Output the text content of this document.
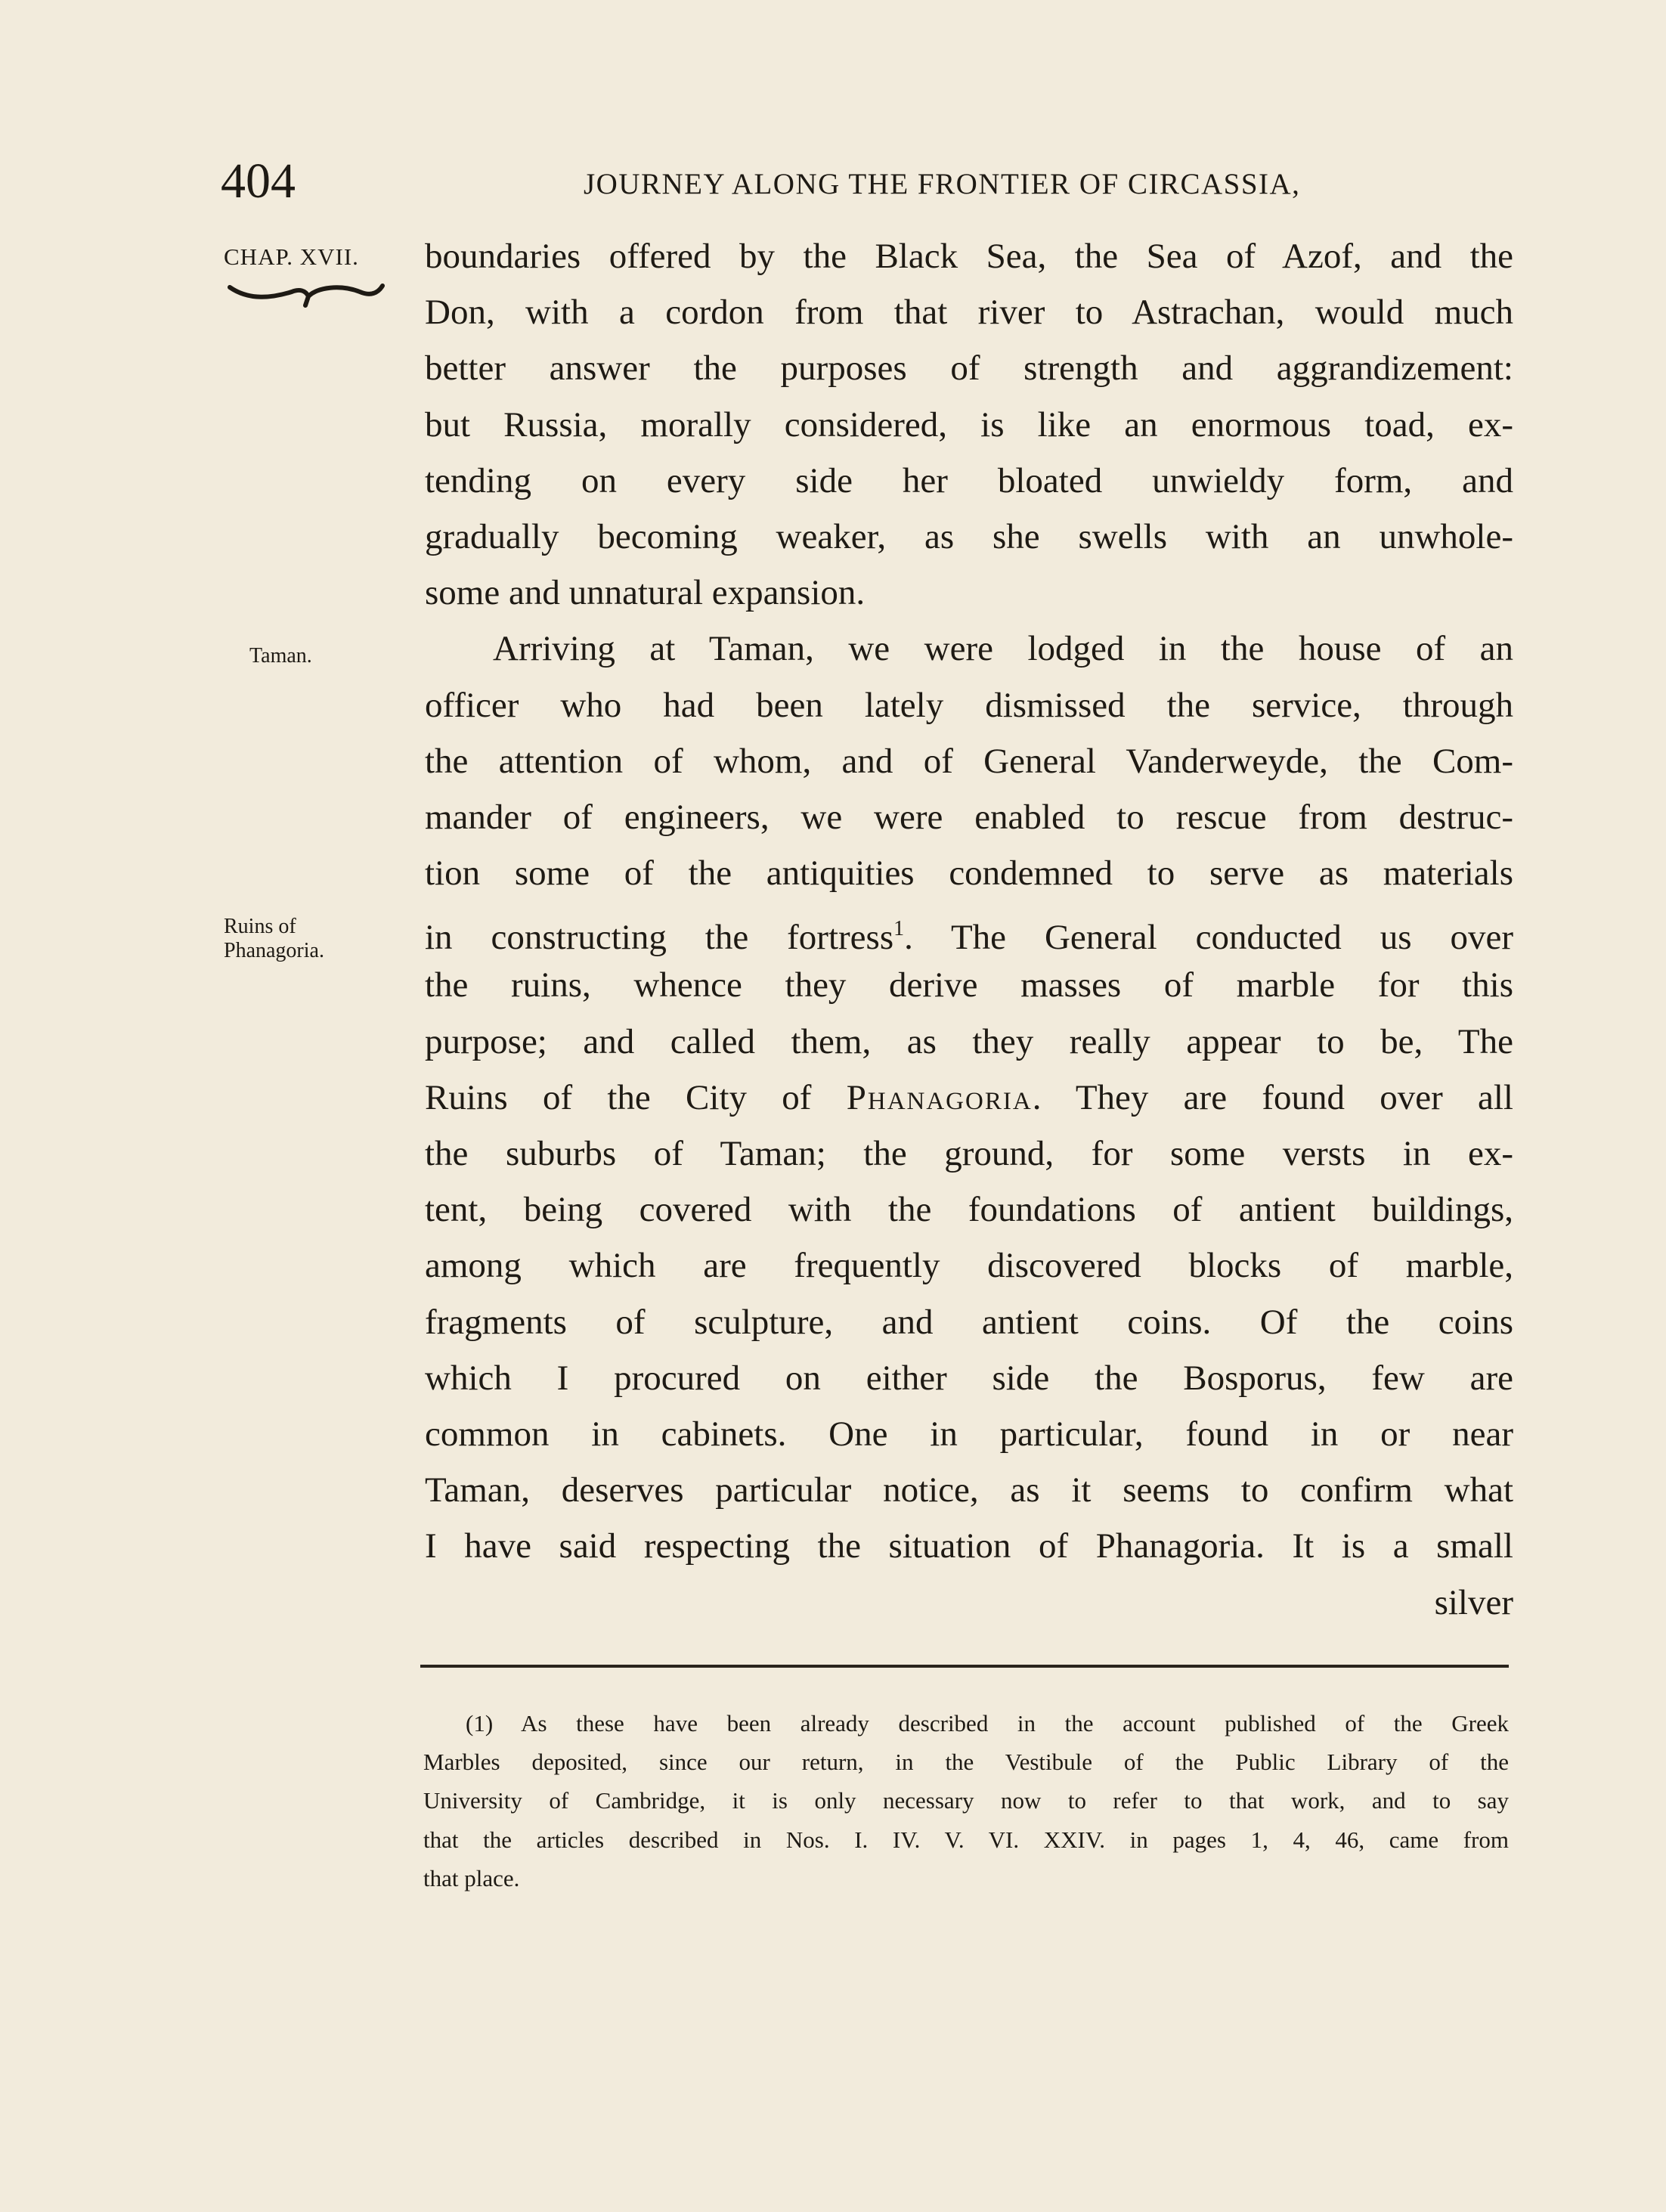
404	JOURNEY ALONG THE FRONTIER OF CIRCASSIA,
CHAP. XVII.
Taman.
Ruins of
Phanagoria.
boundaries offered by the Black Sea, the Sea of Azof, and the
Don, with a cordon from that river to Astrachan, would much
better answer the purposes of strength and aggrandizement:
but Russia, morally considered, is like an enormous toad, ex-
tending on every side her bloated unwieldy form, and
gradually becoming weaker, as she swells with an unwhole-
some and unnatural expansion.
Arriving at Taman, we were lodged in the house of an
officer who had been lately dismissed the service, through
the attention of whom, and of General Vanderweyde, the Com-
mander of engineers, we were enabled to rescue from destruc-
tion some of the antiquities condemned to serve as materials
in constructing the fortress$^1$. The General conducted us over
the ruins, whence they derive masses of marble for this
purpose; and called them, as they really appear to be, The
Ruins of the City of Phanagoria. They are found over all
the suburbs of Taman; the ground, for some versts in ex-
tent, being covered with the foundations of antient buildings,
among which are frequently discovered blocks of marble,
fragments of sculpture, and antient coins. Of the coins
which I procured on either side the Bosporus, few are
common in cabinets. One in particular, found in or near
Taman, deserves particular notice, as it seems to confirm what
I have said respecting the situation of Phanagoria. It is a small
silver
(1) As these have been already described in the account published of the Greek
Marbles deposited, since our return, in the Vestibule of the Public Library of the
University of Cambridge, it is only necessary now to refer to that work, and to say
that the articles described in Nos. I. IV. V. VI. XXIV. in pages 1, 4, 46, came from
that place.
